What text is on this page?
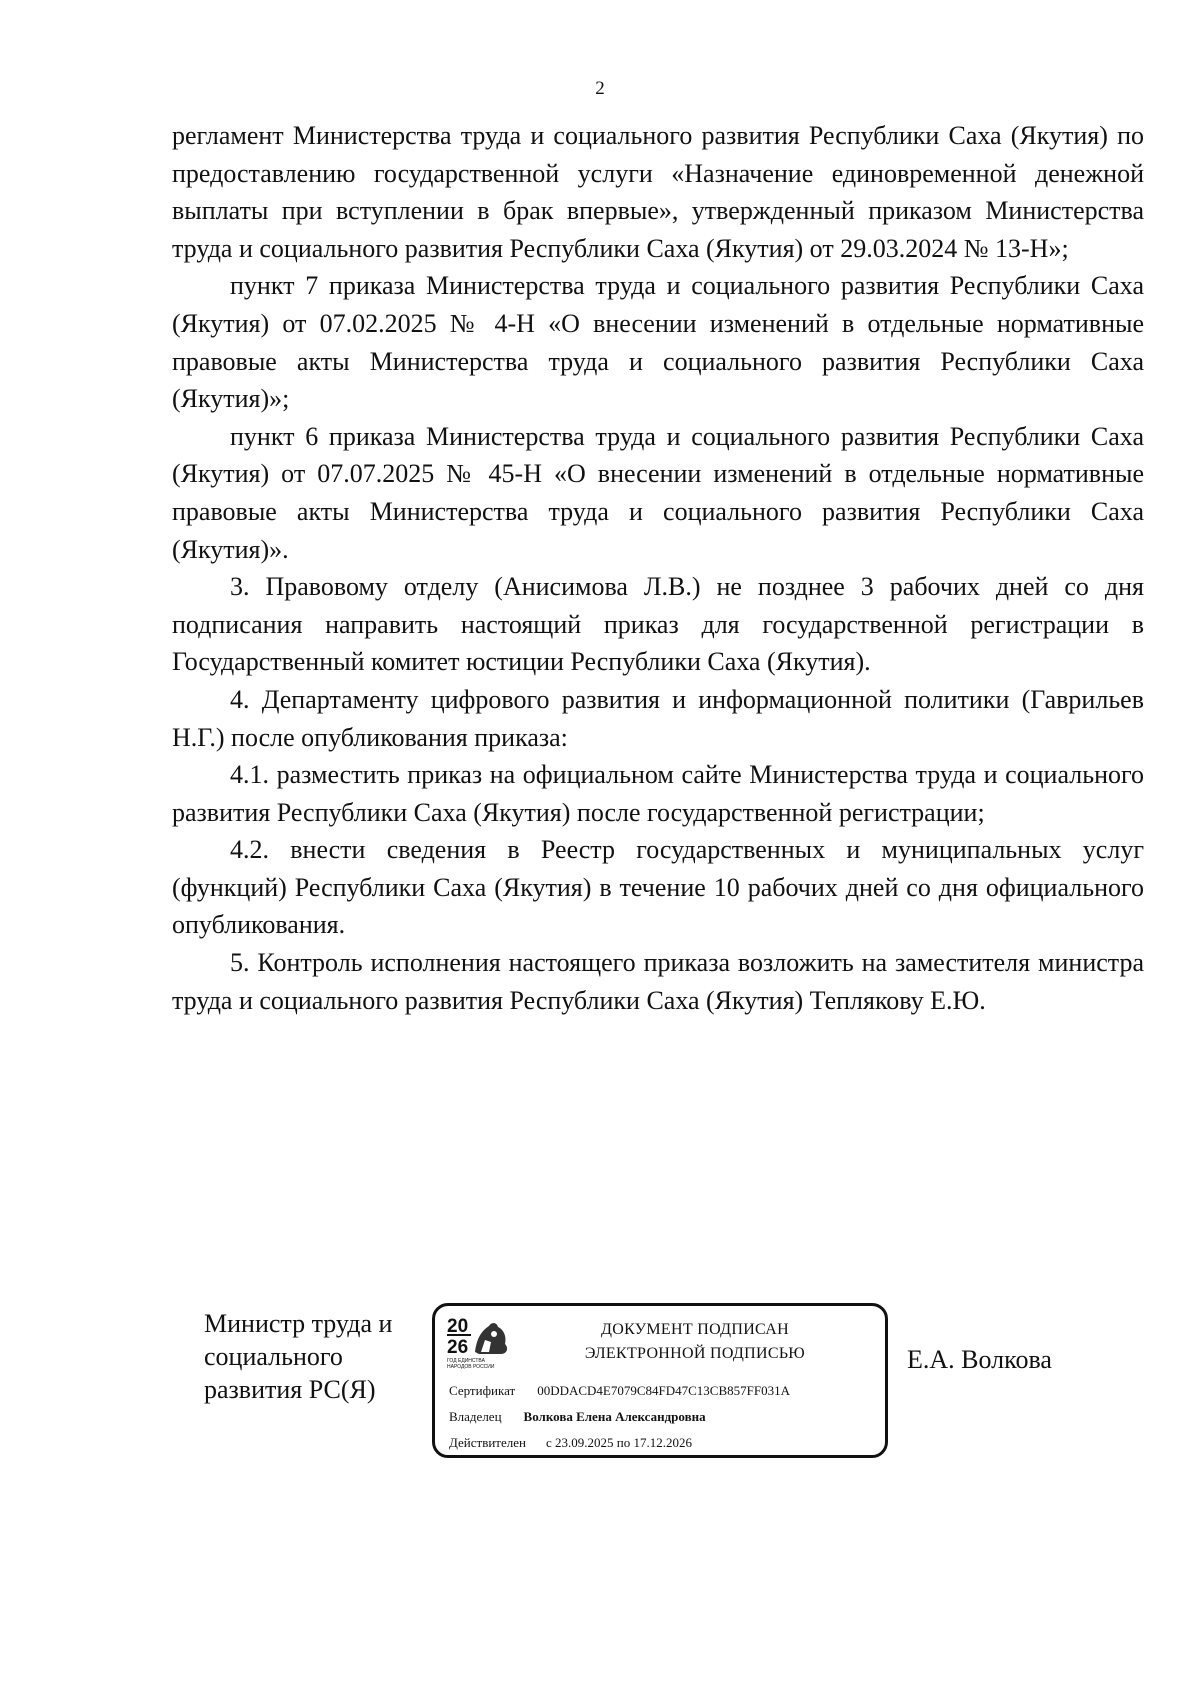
2

регламент Министерства труда и социального развития Республики Саха (Якутия) по предоставлению государственной услуги «Назначение единовременной денежной выплаты при вступлении в брак впервые», утвержденный приказом Министерства труда и социального развития Республики Саха (Якутия) от 29.03.2024 № 13-Н»;

пункт 7 приказа Министерства труда и социального развития Республики Саха (Якутия) от 07.02.2025 № 4-Н «О внесении изменений в отдельные нормативные правовые акты Министерства труда и социального развития Республики Саха (Якутия)»;

пункт 6 приказа Министерства труда и социального развития Республики Саха (Якутия) от 07.07.2025 № 45-Н «О внесении изменений в отдельные нормативные правовые акты Министерства труда и социального развития Республики Саха (Якутия)».

3. Правовому отделу (Анисимова Л.В.) не позднее 3 рабочих дней со дня подписания направить настоящий приказ для государственной регистрации в Государственный комитет юстиции Республики Саха (Якутия).

4. Департаменту цифрового развития и информационной политики (Гаврильев Н.Г.) после опубликования приказа:

4.1. разместить приказ на официальном сайте Министерства труда и социального развития Республики Саха (Якутия) после государственной регистрации;

4.2. внести сведения в Реестр государственных и муниципальных услуг (функций) Республики Саха (Якутия) в течение 10 рабочих дней со дня официального опубликования.

5. Контроль исполнения настоящего приказа возложить на заместителя министра труда и социального развития Республики Саха (Якутия) Теплякову Е.Ю.

Министр труда и
социального
развития РС(Я)
20
26
ГОД ЕДИНСТВА
НАРОДОВ РОССИИ
ДОКУМЕНТ ПОДПИСАН
ЭЛЕКТРОННОЙ ПОДПИСЬЮ
Сертификат 00DDACD4E7079C84FD47C13CB857FF031A
Владелец Волкова Елена Александровна
Действителен с 23.09.2025 по 17.12.2026
Е.А. Волкова
